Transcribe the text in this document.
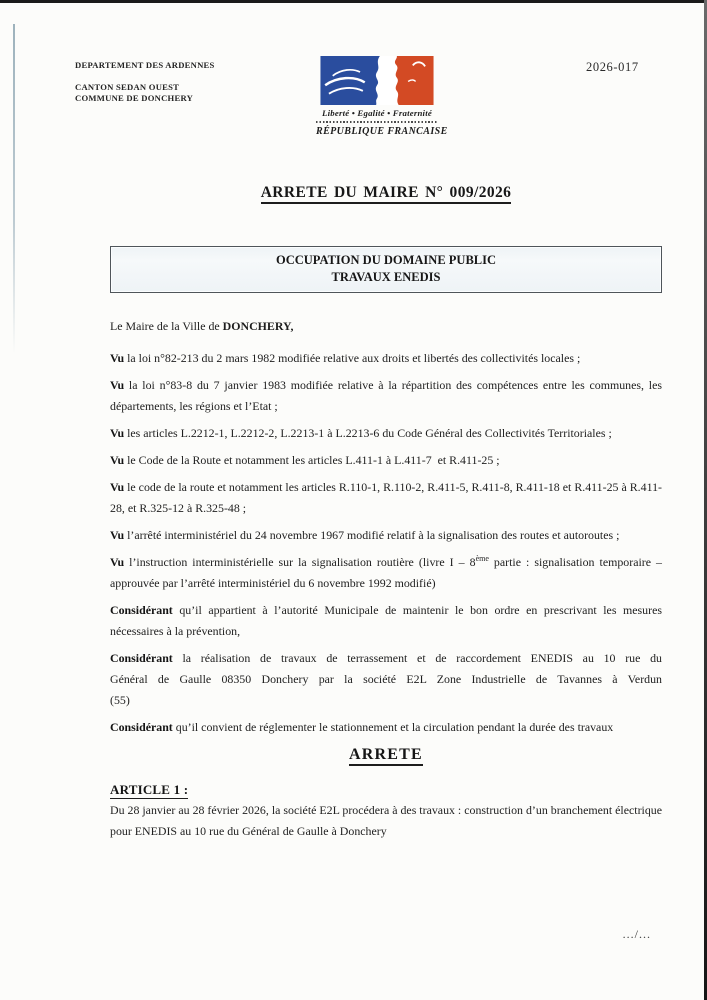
DEPARTEMENT DES ARDENNES
CANTON SEDAN OUEST
COMMUNE DE DONCHERY
Liberté • Egalité • Fraternité
RÉPUBLIQUE FRANCAISE
2026-017
ARRETE DU MAIRE N° 009/2026
OCCUPATION DU DOMAINE PUBLIC
TRAVAUX ENEDIS

Le Maire de la Ville de DONCHERY,

Vu la loi n°82-213 du 2 mars 1982 modifiée relative aux droits et libertés des collectivités locales ;

Vu la loi n°83-8 du 7 janvier 1983 modifiée relative à la répartition des compétences entre les communes, les départements, les régions et l’Etat ;

Vu les articles L.2212-1, L.2212-2, L.2213-1 à L.2213-6 du Code Général des Collectivités Territoriales ;

Vu le Code de la Route et notamment les articles L.411-1 à L.411-7  et R.411-25 ;

Vu le code de la route et notamment les articles R.110-1, R.110-2, R.411-5, R.411-8, R.411-18 et R.411-25 à R.411-28, et R.325-12 à R.325-48 ;

Vu l’arrêté interministériel du 24 novembre 1967 modifié relatif à la signalisation des routes et autoroutes ;

Vu l’instruction interministérielle sur la signalisation routière (livre I – 8ème partie : signalisation temporaire – approuvée par l’arrêté interministériel du 6 novembre 1992 modifié)

Considérant qu’il appartient à l’autorité Municipale de maintenir le bon ordre en prescrivant les mesures nécessaires à la prévention,

Considérant la réalisation de travaux de terrassement et de raccordement ENEDIS au 10 rue du
Général de Gaulle 08350 Donchery par la société E2L Zone Industrielle de Tavannes à Verdun
(55)

Considérant qu’il convient de réglementer le stationnement et la circulation pendant la durée des travaux

ARRETE
ARTICLE 1 :

Du 28 janvier au 28 février 2026, la société E2L procédera à des travaux : construction d’un branchement électrique pour ENEDIS au 10 rue du Général de Gaulle à Donchery

.../...
